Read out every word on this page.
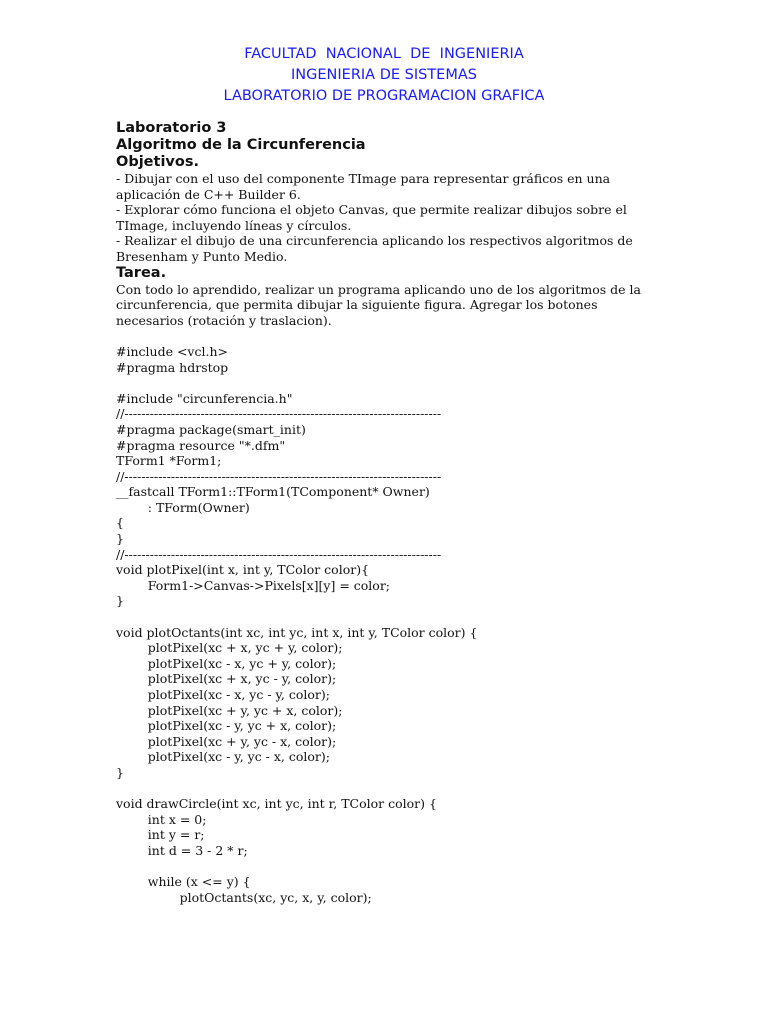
FACULTAD  NACIONAL  DE  INGENIERIA
INGENIERIA DE SISTEMAS
LABORATORIO DE PROGRAMACION GRAFICA
Laboratorio 3
Algoritmo de la Circunferencia
Objetivos.
- Dibujar con el uso del componente TImage para representar gráficos en una aplicación de C++ Builder 6.
- Explorar cómo funciona el objeto Canvas, que permite realizar dibujos sobre el TImage, incluyendo líneas y círculos.
- Realizar el dibujo de una circunferencia aplicando los respectivos algoritmos de Bresenham y Punto Medio.
Tarea.
Con todo lo aprendido, realizar un programa aplicando uno de los algoritmos de la circunferencia, que permita dibujar la siguiente figura. Agregar los botones necesarios (rotación y traslacion).
#include <vcl.h>
#pragma hdrstop
#include "circunferencia.h"
//---------------------------------------------------------------------------
#pragma package(smart_init)
#pragma resource "*.dfm"
TForm1 *Form1;
//---------------------------------------------------------------------------
__fastcall TForm1::TForm1(TComponent* Owner)
: TForm(Owner)
{
}
//---------------------------------------------------------------------------
void plotPixel(int x, int y, TColor color){
Form1->Canvas->Pixels[x][y] = color;
}
void plotOctants(int xc, int yc, int x, int y, TColor color) {
plotPixel(xc + x, yc + y, color);
plotPixel(xc - x, yc + y, color);
plotPixel(xc + x, yc - y, color);
plotPixel(xc - x, yc - y, color);
plotPixel(xc + y, yc + x, color);
plotPixel(xc - y, yc + x, color);
plotPixel(xc + y, yc - x, color);
plotPixel(xc - y, yc - x, color);
}
void drawCircle(int xc, int yc, int r, TColor color) {
int x = 0;
int y = r;
int d = 3 - 2 * r;
while (x <= y) {
plotOctants(xc, yc, x, y, color);
